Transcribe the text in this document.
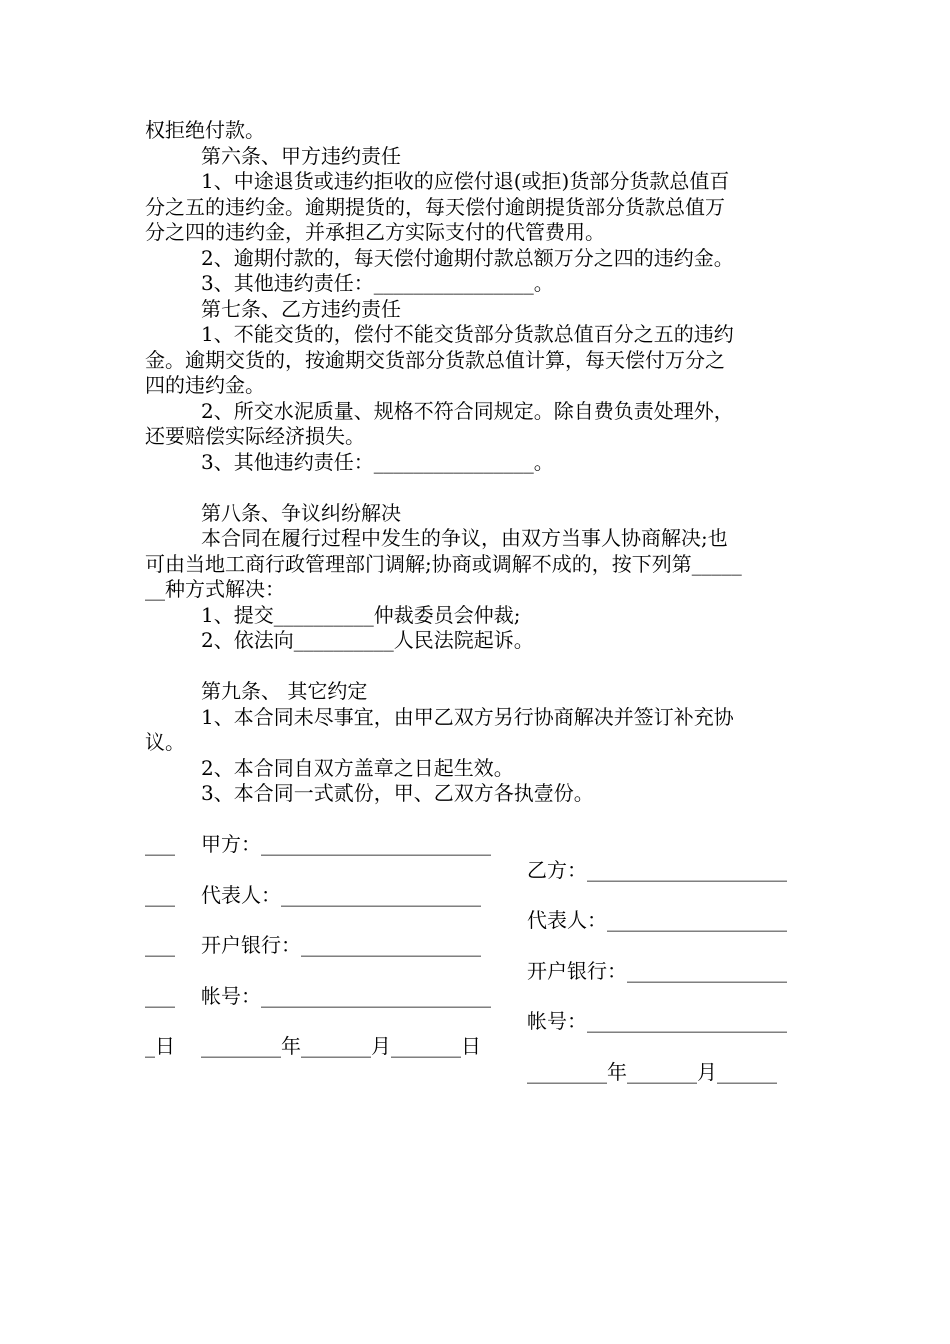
权拒绝付款。
第六条、甲方违约责任
1、中途退货或违约拒收的应偿付退(或拒)货部分货款总值百
分之五的违约金。逾期提货的，每天偿付逾朗提货部分货款总值万
分之四的违约金，并承担乙方实际支付的代管费用。
2、逾期付款的，每天偿付逾期付款总额万分之四的违约金。
3、其他违约责任：________________。
第七条、乙方违约责任
1、不能交货的，偿付不能交货部分货款总值百分之五的违约
金。逾期交货的，按逾期交货部分货款总值计算，每天偿付万分之
四的违约金。
2、所交水泥质量、规格不符合同规定。除自费负责处理外，
还要赔偿实际经济损失。
3、其他违约责任：________________。
第八条、争议纠纷解决
本合同在履行过程中发生的争议，由双方当事人协商解决;也
可由当地工商行政管理部门调解;协商或调解不成的，按下列第_____
__种方式解决：
1、提交__________仲裁委员会仲裁;
2、依法向__________人民法院起诉。
第九条、 其它约定
1、本合同未尽事宜，由甲乙双方另行协商解决并签订补充协
议。
2、本合同自双方盖章之日起生效。
3、本合同一式贰份，甲、乙双方各执壹份。

甲方：_______________________

乙方：____________________

___

代表人：____________________

代表人：__________________

___

开户银行：__________________

开户银行：________________

___

帐号：_______________________

帐号：____________________

___

________年_______月_______日

________年_______月______

_日
